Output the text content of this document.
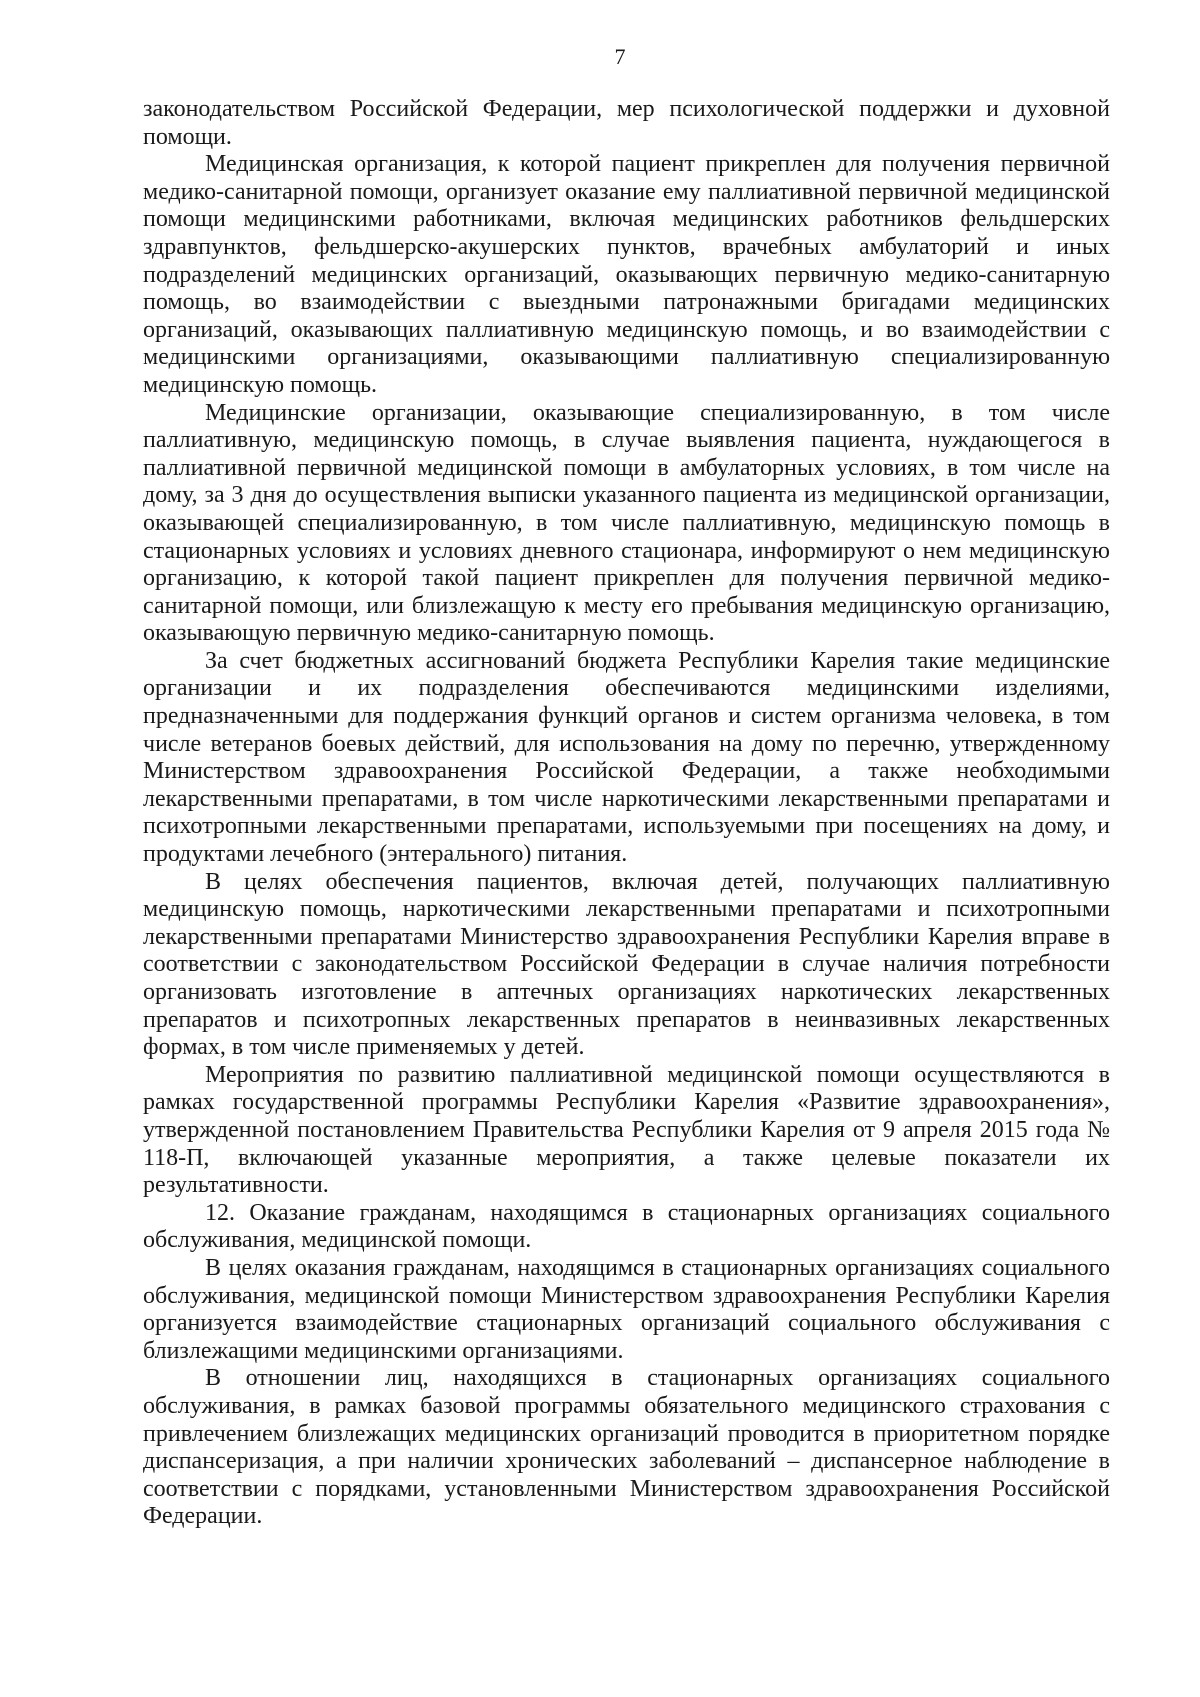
7

законодательством Российской Федерации, мер психологической поддержки и духовной помощи.

Медицинская организация, к которой пациент прикреплен для получения первичной медико-санитарной помощи, организует оказание ему паллиативной первичной медицинской помощи медицинскими работниками, включая медицинских работников фельдшерских здравпунктов, фельдшерско-акушерских пунктов, врачебных амбулаторий и иных подразделений медицинских организаций, оказывающих первичную медико-санитарную помощь, во взаимодействии с выездными патронажными бригадами медицинских организаций, оказывающих паллиативную медицинскую помощь, и во взаимодействии с медицинскими организациями, оказывающими паллиативную специализированную медицинскую помощь.

Медицинские организации, оказывающие специализированную, в том числе паллиативную, медицинскую помощь, в случае выявления пациента, нуждающегося в паллиативной первичной медицинской помощи в амбулаторных условиях, в том числе на дому, за 3 дня до осуществления выписки указанного пациента из медицинской организации, оказывающей специализированную, в том числе паллиативную, медицинскую помощь в стационарных условиях и условиях дневного стационара, информируют о нем медицинскую организацию, к которой такой пациент прикреплен для получения первичной медико-санитарной помощи, или близлежащую к месту его пребывания медицинскую организацию, оказывающую первичную медико-санитарную помощь.

За счет бюджетных ассигнований бюджета Республики Карелия такие медицинские организации и их подразделения обеспечиваются медицинскими изделиями, предназначенными для поддержания функций органов и систем организма человека, в том числе ветеранов боевых действий, для использования на дому по перечню, утвержденному Министерством здравоохранения Российской Федерации, а также необходимыми лекарственными препаратами, в том числе наркотическими лекарственными препаратами и психотропными лекарственными препаратами, используемыми при посещениях на дому, и продуктами лечебного (энтерального) питания.

В целях обеспечения пациентов, включая детей, получающих паллиативную медицинскую помощь, наркотическими лекарственными препаратами и психотропными лекарственными препаратами Министерство здравоохранения Республики Карелия вправе в соответствии с законодательством Российской Федерации в случае наличия потребности организовать изготовление в аптечных организациях наркотических лекарственных препаратов и психотропных лекарственных препаратов в неинвазивных лекарственных формах, в том числе применяемых у детей.

Мероприятия по развитию паллиативной медицинской помощи осуществляются в рамках государственной программы Республики Карелия «Развитие здравоохранения», утвержденной постановлением Правительства Республики Карелия от 9 апреля 2015 года № 118-П, включающей указанные мероприятия, а также целевые показатели их результативности.

12. Оказание гражданам, находящимся в стационарных организациях социального обслуживания, медицинской помощи.

В целях оказания гражданам, находящимся в стационарных организациях социального обслуживания, медицинской помощи Министерством здравоохранения Республики Карелия организуется взаимодействие стационарных организаций социального обслуживания с близлежащими медицинскими организациями.

В отношении лиц, находящихся в стационарных организациях социального обслуживания, в рамках базовой программы обязательного медицинского страхования с привлечением близлежащих медицинских организаций проводится в приоритетном порядке диспансеризация, а при наличии хронических заболеваний – диспансерное наблюдение в соответствии с порядками, установленными Министерством здравоохранения Российской Федерации.
